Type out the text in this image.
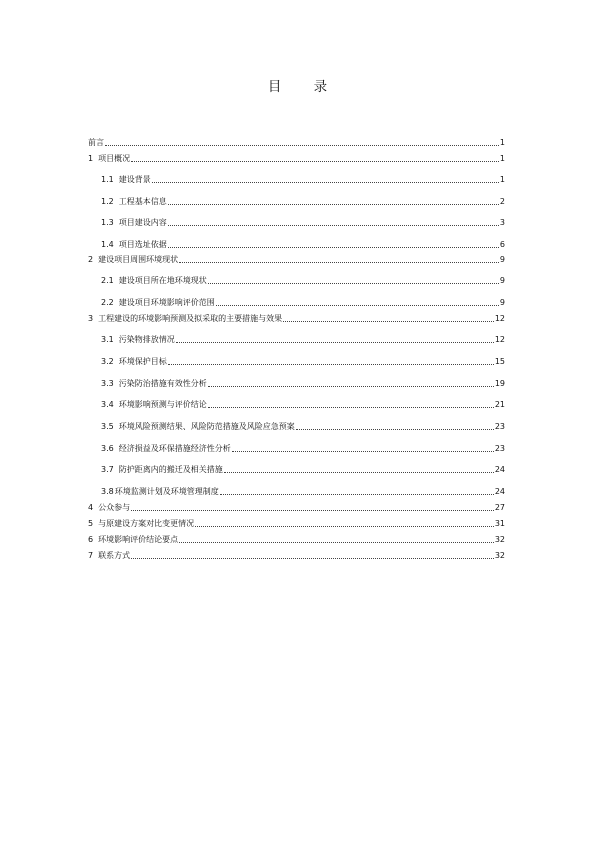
目 录
前言	1
1 项目概况	1
1.1 建设背景	1
1.2 工程基本信息	2
1.3 项目建设内容	3
1.4 项目选址依据	6
2 建设项目周围环境现状	9
2.1 建设项目所在地环境现状	9
2.2 建设项目环境影响评价范围	9
3 工程建设的环境影响预测及拟采取的主要措施与效果	12
3.1 污染物排放情况	12
3.2 环境保护目标	15
3.3 污染防治措施有效性分析	19
3.4 环境影响预测与评价结论	21
3.5 环境风险预测结果、风险防范措施及风险应急预案	23
3.6 经济损益及环保措施经济性分析	23
3.7 防护距离内的搬迁及相关措施	24
3.8 环境监测计划及环境管理制度	24
4 公众参与	27
5 与原建设方案对比变更情况	31
6 环境影响评价结论要点	32
7 联系方式	32
